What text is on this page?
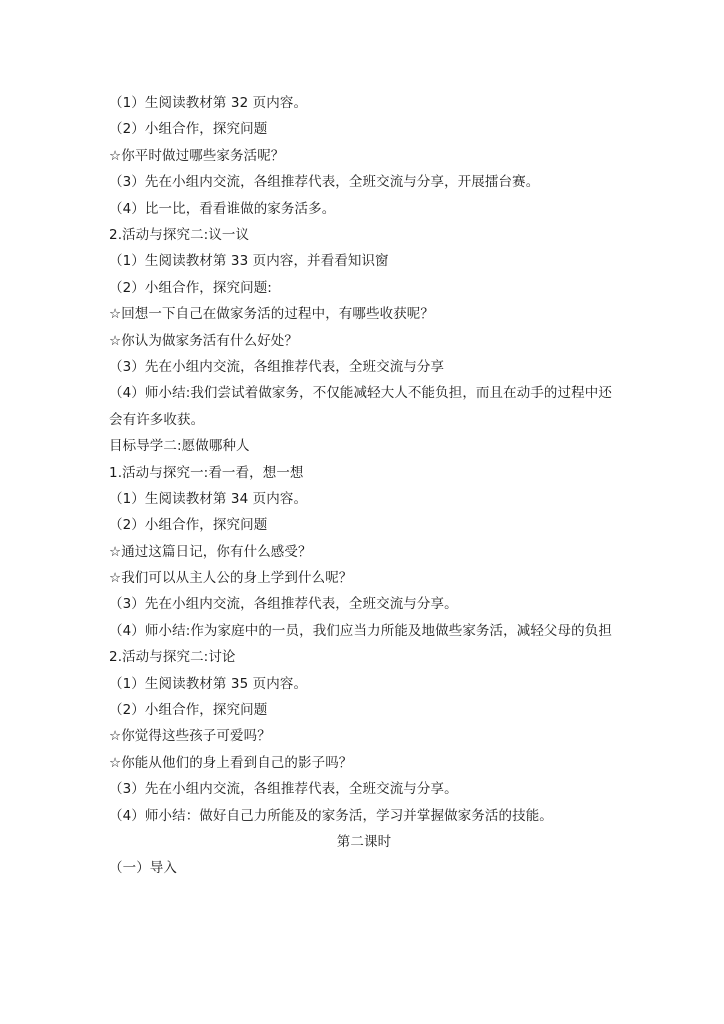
（1）生阅读教材第 32 页内容。
（2）小组合作，探究问题
☆你平时做过哪些家务活呢？
（3）先在小组内交流，各组推荐代表，全班交流与分享，开展擂台赛。
（4）比一比，看看谁做的家务活多。
2.活动与探究二:议一议
（1）生阅读教材第 33 页内容，并看看知识窗
（2）小组合作，探究问题:
☆回想一下自己在做家务活的过程中，有哪些收获呢？
☆你认为做家务活有什么好处？
（3）先在小组内交流，各组推荐代表，全班交流与分享
（4）师小结:我们尝试着做家务，不仅能减轻大人不能负担，而且在动手的过程中还会有许多收获。
目标导学二:愿做哪种人
1.活动与探究一:看一看，想一想
（1）生阅读教材第 34 页内容。
（2）小组合作，探究问题
☆通过这篇日记，你有什么感受？
☆我们可以从主人公的身上学到什么呢？
（3）先在小组内交流，各组推荐代表，全班交流与分享。
（4）师小结:作为家庭中的一员，我们应当力所能及地做些家务活，减轻父母的负担
2.活动与探究二:讨论
（1）生阅读教材第 35 页内容。
（2）小组合作，探究问题
☆你觉得这些孩子可爱吗？
☆你能从他们的身上看到自己的影子吗？
（3）先在小组内交流，各组推荐代表，全班交流与分享。
（4）师小结：做好自己力所能及的家务活，学习并掌握做家务活的技能。
第二课时
（一）导入
